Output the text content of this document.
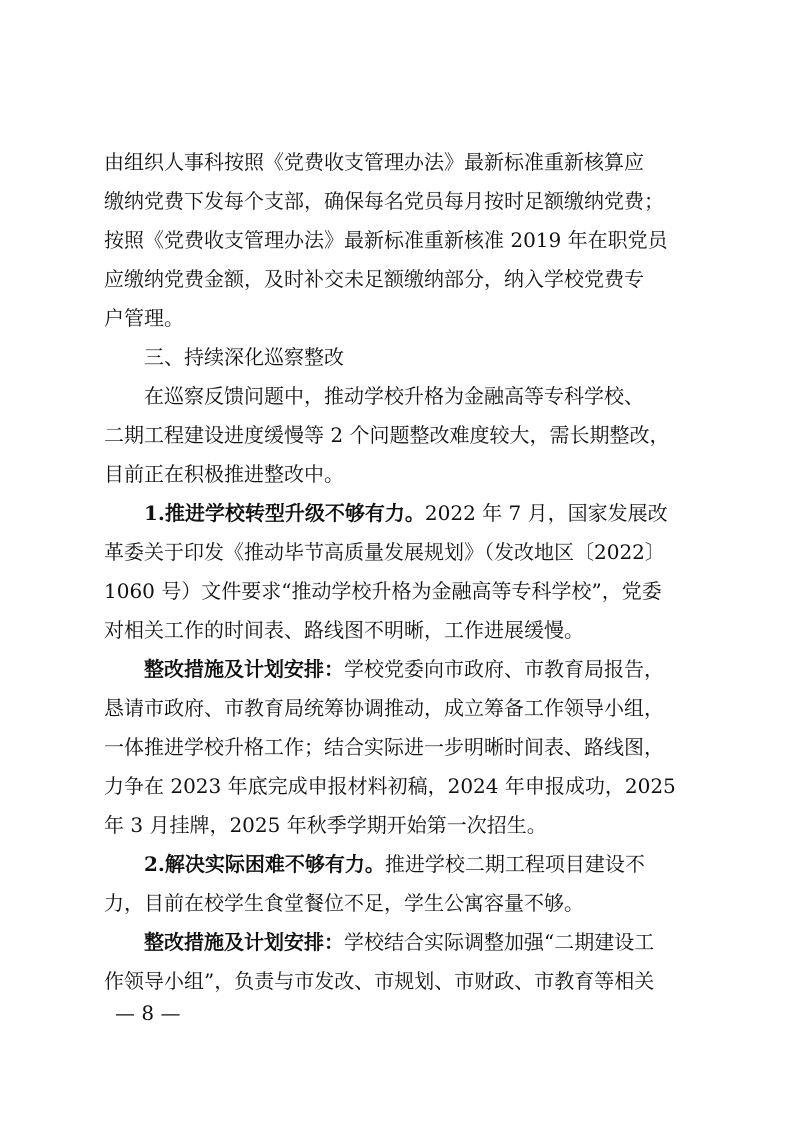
由组织人事科按照《党费收支管理办法》最新标准重新核算应
缴纳党费下发每个支部，确保每名党员每月按时足额缴纳党费；
按照《党费收支管理办法》最新标准重新核准 2019 年在职党员
应缴纳党费金额，及时补交未足额缴纳部分，纳入学校党费专
户管理。
三、持续深化巡察整改
在巡察反馈问题中，推动学校升格为金融高等专科学校、
二期工程建设进度缓慢等 2 个问题整改难度较大，需长期整改，
目前正在积极推进整改中。
1.推进学校转型升级不够有力。2022 年 7 月，国家发展改
革委关于印发《推动毕节高质量发展规划》（发改地区〔2022〕
1060 号）文件要求“推动学校升格为金融高等专科学校”，党委
对相关工作的时间表、路线图不明晰，工作进展缓慢。
整改措施及计划安排：学校党委向市政府、市教育局报告，
恳请市政府、市教育局统筹协调推动，成立筹备工作领导小组，
一体推进学校升格工作；结合实际进一步明晰时间表、路线图，
力争在 2023 年底完成申报材料初稿，2024 年申报成功，2025
年 3 月挂牌，2025 年秋季学期开始第一次招生。
2.解决实际困难不够有力。推进学校二期工程项目建设不
力，目前在校学生食堂餐位不足，学生公寓容量不够。
整改措施及计划安排：学校结合实际调整加强“二期建设工
作领导小组”，负责与市发改、市规划、市财政、市教育等相关
— 8 —
